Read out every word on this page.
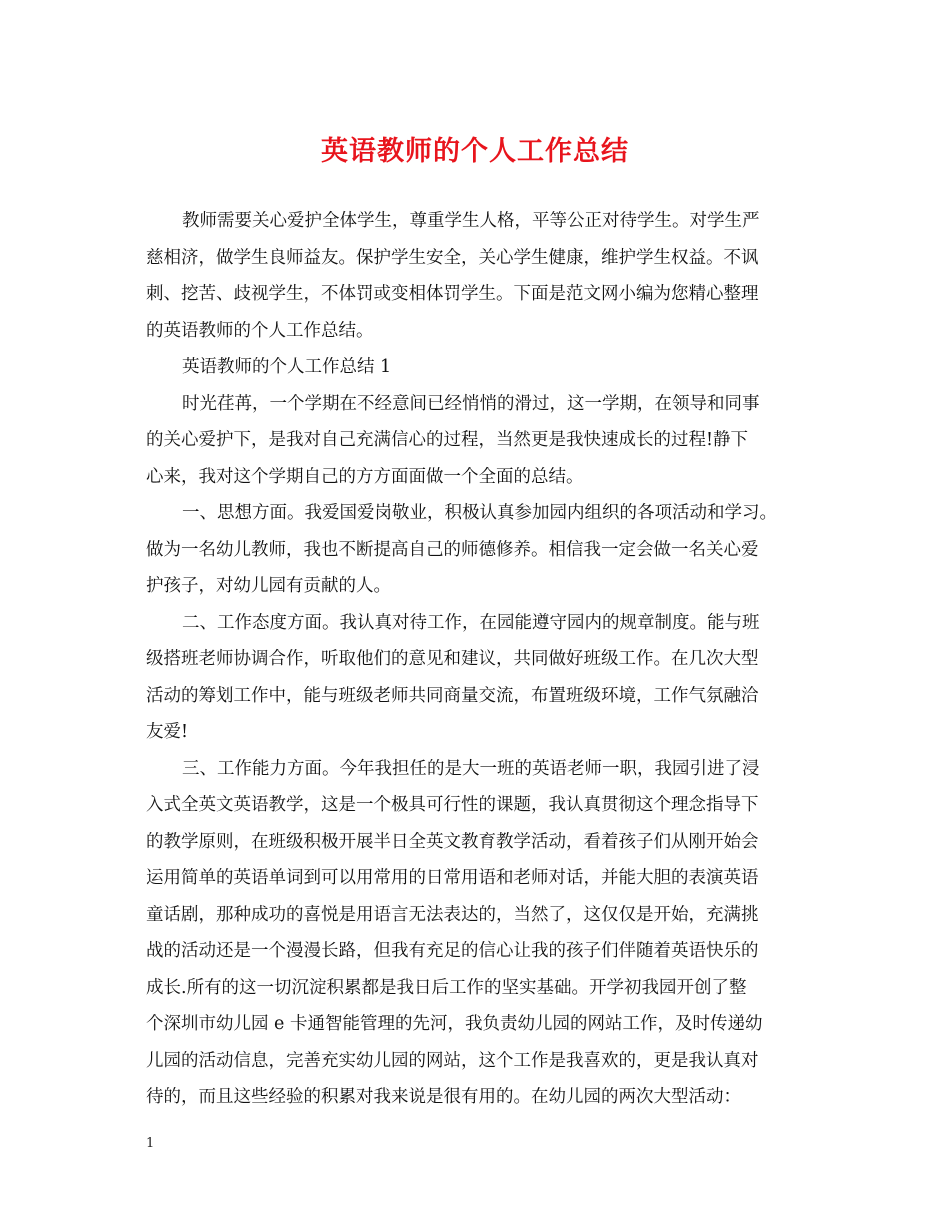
英语教师的个人工作总结
教师需要关心爱护全体学生，尊重学生人格，平等公正对待学生。对学生严
慈相济，做学生良师益友。保护学生安全，关心学生健康，维护学生权益。不讽
刺、挖苦、歧视学生，不体罚或变相体罚学生。下面是范文网小编为您精心整理
的英语教师的个人工作总结。
英语教师的个人工作总结 1
时光荏苒，一个学期在不经意间已经悄悄的滑过，这一学期，在领导和同事
的关心爱护下，是我对自己充满信心的过程，当然更是我快速成长的过程!静下
心来，我对这个学期自己的方方面面做一个全面的总结。
一、思想方面。我爱国爱岗敬业，积极认真参加园内组织的各项活动和学习。
做为一名幼儿教师，我也不断提高自己的师德修养。相信我一定会做一名关心爱
护孩子，对幼儿园有贡献的人。
二、工作态度方面。我认真对待工作，在园能遵守园内的规章制度。能与班
级搭班老师协调合作，听取他们的意见和建议，共同做好班级工作。在几次大型
活动的筹划工作中，能与班级老师共同商量交流，布置班级环境，工作气氛融洽
友爱!
三、工作能力方面。今年我担任的是大一班的英语老师一职，我园引进了浸
入式全英文英语教学，这是一个极具可行性的课题，我认真贯彻这个理念指导下
的教学原则，在班级积极开展半日全英文教育教学活动，看着孩子们从刚开始会
运用简单的英语单词到可以用常用的日常用语和老师对话，并能大胆的表演英语
童话剧，那种成功的喜悦是用语言无法表达的，当然了，这仅仅是开始，充满挑
战的活动还是一个漫漫长路，但我有充足的信心让我的孩子们伴随着英语快乐的
成长.所有的这一切沉淀积累都是我日后工作的坚实基础。开学初我园开创了整
个深圳市幼儿园 e 卡通智能管理的先河，我负责幼儿园的网站工作，及时传递幼
儿园的活动信息，完善充实幼儿园的网站，这个工作是我喜欢的，更是我认真对
待的，而且这些经验的积累对我来说是很有用的。在幼儿园的两次大型活动：
1
